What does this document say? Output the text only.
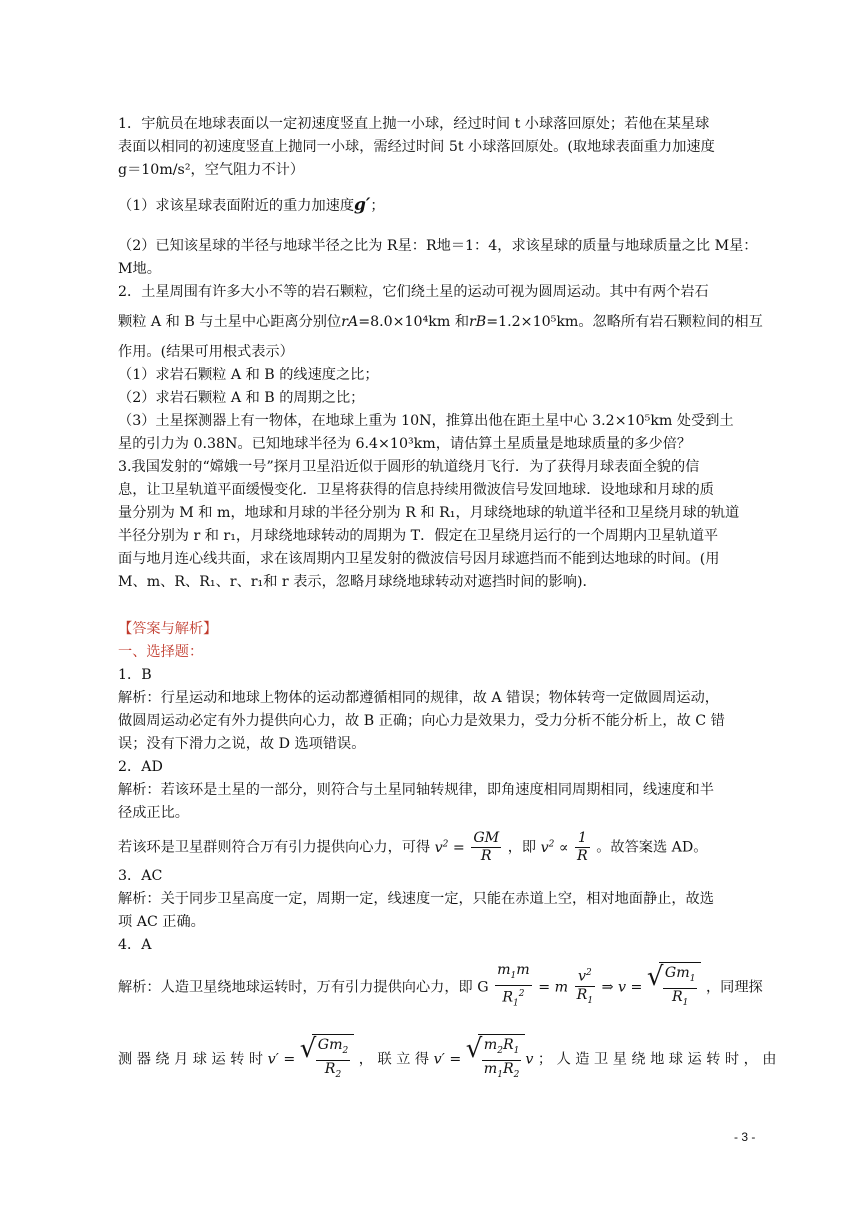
1．宇航员在地球表面以一定初速度竖直上抛一小球，经过时间 t 小球落回原处；若他在某星球
表面以相同的初速度竖直上抛同一小球，需经过时间 5t 小球落回原处。(取地球表面重力加速度
g＝10m/s²，空气阻力不计）
（1）求该星球表面附近的重力加速度g′；
（2）已知该星球的半径与地球半径之比为 R星：R地＝1：4，求该星球的质量与地球质量之比 M星：
M地。
2．土星周围有许多大小不等的岩石颗粒，它们绕土星的运动可视为圆周运动。其中有两个岩石
颗粒 A 和 B 与土星中心距离分别位rA=8.0×10⁴km 和rB=1.2×10⁵km。忽略所有岩石颗粒间的相互
作用。(结果可用根式表示）
（1）求岩石颗粒 A 和 B 的线速度之比；
（2）求岩石颗粒 A 和 B 的周期之比；
（3）土星探测器上有一物体，在地球上重为 10N，推算出他在距土星中心 3.2×10⁵km 处受到土
星的引力为 0.38N。已知地球半径为 6.4×10³km，请估算土星质量是地球质量的多少倍？
3.我国发射的“嫦娥一号”探月卫星沿近似于圆形的轨道绕月飞行．为了获得月球表面全貌的信
息，让卫星轨道平面缓慢变化．卫星将获得的信息持续用微波信号发回地球．设地球和月球的质
量分别为 M 和 m，地球和月球的半径分别为 R 和 R₁，月球绕地球的轨道半径和卫星绕月球的轨道
半径分别为 r 和 r₁，月球绕地球转动的周期为 T．假定在卫星绕月运行的一个周期内卫星轨道平
面与地月连心线共面，求在该周期内卫星发射的微波信号因月球遮挡而不能到达地球的时间。(用
M、m、R、R₁、r、r₁和 r 表示，忽略月球绕地球转动对遮挡时间的影响)．
【答案与解析】
一、选择题：
1．B
解析：行星运动和地球上物体的运动都遵循相同的规律，故 A 错误；物体转弯一定做圆周运动，
做圆周运动必定有外力提供向心力，故 B 正确；向心力是效果力，受力分析不能分析上，故 C 错
误；没有下滑力之说，故 D 选项错误。
2．AD
解析：若该环是土星的一部分，则符合与土星同轴转规律，即角速度相同周期相同，线速度和半
径成正比。
若该环是卫星群则符合万有引力提供向心力，可得 $v^2 = \frac{GM}{R}$ ，即 $v^2 \propto \frac{1}{R}$ 。故答案选 AD。
3．AC
解析：关于同步卫星高度一定，周期一定，线速度一定，只能在赤道上空，相对地面静止，故选
项 AC 正确。
4．A
解析：人造卫星绕地球运转时，万有引力提供向心力，即 G $\frac{m_1m}{R_1^2} = m \frac{v^2}{R_1}$ ⇒ v = √ $\frac{Gm_1}{R_1}$ ，同理探
测 器 绕 月 球 运 转 时 v′ = √ $\frac{Gm_2}{R_2}$ ， 联 立 得 v′ = √ $\frac{m_2R_1}{m_1R_2}$ v ； 人 造 卫 星 绕 地 球 运 转 时 ， 由
- 3 -
